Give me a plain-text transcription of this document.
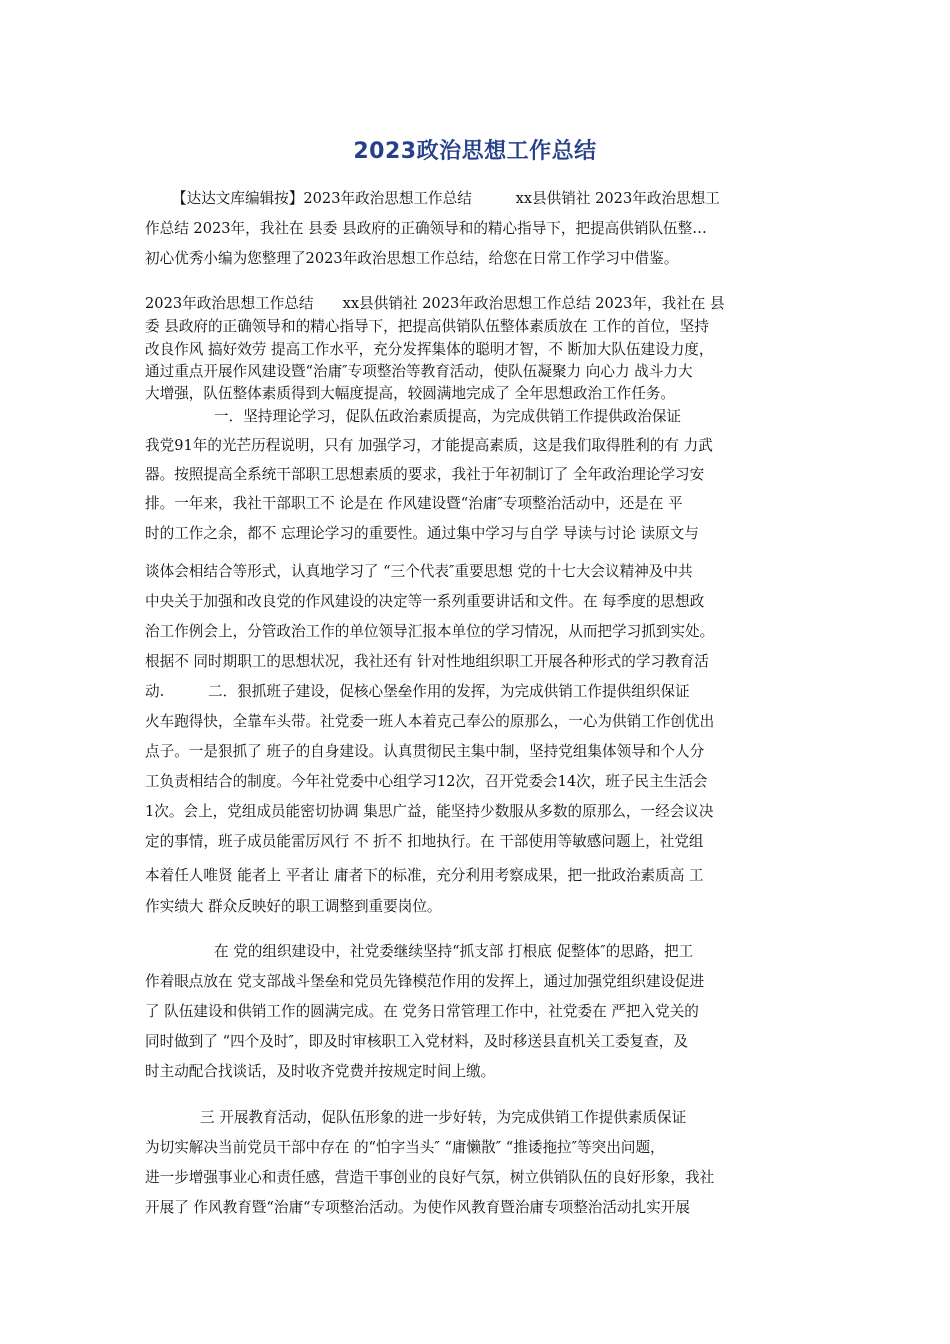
2023政治思想工作总结
【达达文库编辑按】2023年政治思想工作总结　　　xx县供销社 2023年政治思想工
作总结 2023年，我社在 县委 县政府的正确领导和的精心指导下，把提高供销队伍整…
初心优秀小编为您整理了2023年政治思想工作总结，给您在日常工作学习中借鉴。
2023年政治思想工作总结　　xx县供销社 2023年政治思想工作总结 2023年，我社在 县
委 县政府的正确领导和的精心指导下，把提高供销队伍整体素质放在 工作的首位，坚持
改良作风 搞好效劳 提高工作水平，充分发挥集体的聪明才智，不 断加大队伍建设力度，
通过重点开展作风建设暨“治庸″专项整治等教育活动，使队伍凝聚力 向心力 战斗力大
大增强，队伍整体素质得到大幅度提高，较圆满地完成了 全年思想政治工作任务。
一．坚持理论学习，促队伍政治素质提高，为完成供销工作提供政治保证
我党91年的光芒历程说明，只有 加强学习，才能提高素质，这是我们取得胜利的有 力武
器。按照提高全系统干部职工思想素质的要求，我社于年初制订了 全年政治理论学习安
排。一年来，我社干部职工不 论是在 作风建设暨“治庸″专项整治活动中，还是在 平
时的工作之余，都不 忘理论学习的重要性。通过集中学习与自学 导读与讨论 读原文与
谈体会相结合等形式，认真地学习了 “三个代表″重要思想 党的十七大会议精神及中共
中央关于加强和改良党的作风建设的决定等一系列重要讲话和文件。在 每季度的思想政
治工作例会上，分管政治工作的单位领导汇报本单位的学习情况，从而把学习抓到实处。
根据不 同时期职工的思想状况，我社还有 针对性地组织职工开展各种形式的学习教育活
动.　　　二．狠抓班子建设，促核心堡垒作用的发挥，为完成供销工作提供组织保证
火车跑得快，全靠车头带。社党委一班人本着克己奉公的原那么，一心为供销工作创优出
点子。一是狠抓了 班子的自身建设。认真贯彻民主集中制，坚持党组集体领导和个人分
工负责相结合的制度。今年社党委中心组学习12次，召开党委会14次，班子民主生活会
1次。会上，党组成员能密切协调 集思广益，能坚持少数服从多数的原那么，一经会议决
定的事情，班子成员能雷厉风行 不 折不 扣地执行。在 干部使用等敏感问题上，社党组
本着任人唯贤 能者上 平者让 庸者下的标准，充分利用考察成果，把一批政治素质高 工
作实绩大 群众反映好的职工调整到重要岗位。
在 党的组织建设中，社党委继续坚持“抓支部 打根底 促整体″的思路，把工
作着眼点放在 党支部战斗堡垒和党员先锋模范作用的发挥上，通过加强党组织建设促进
了 队伍建设和供销工作的圆满完成。在 党务日常管理工作中，社党委在 严把入党关的
同时做到了 “四个及时″，即及时审核职工入党材料，及时移送县直机关工委复查，及
时主动配合找谈话，及时收齐党费并按规定时间上缴。
三 开展教育活动，促队伍形象的进一步好转，为完成供销工作提供素质保证
为切实解决当前党员干部中存在 的“怕字当头″ “庸懒散″ “推诿拖拉″等突出问题，
进一步增强事业心和责任感，营造干事创业的良好气氛，树立供销队伍的良好形象，我社
开展了 作风教育暨“治庸“专项整治活动。为使作风教育暨治庸专项整治活动扎实开展
